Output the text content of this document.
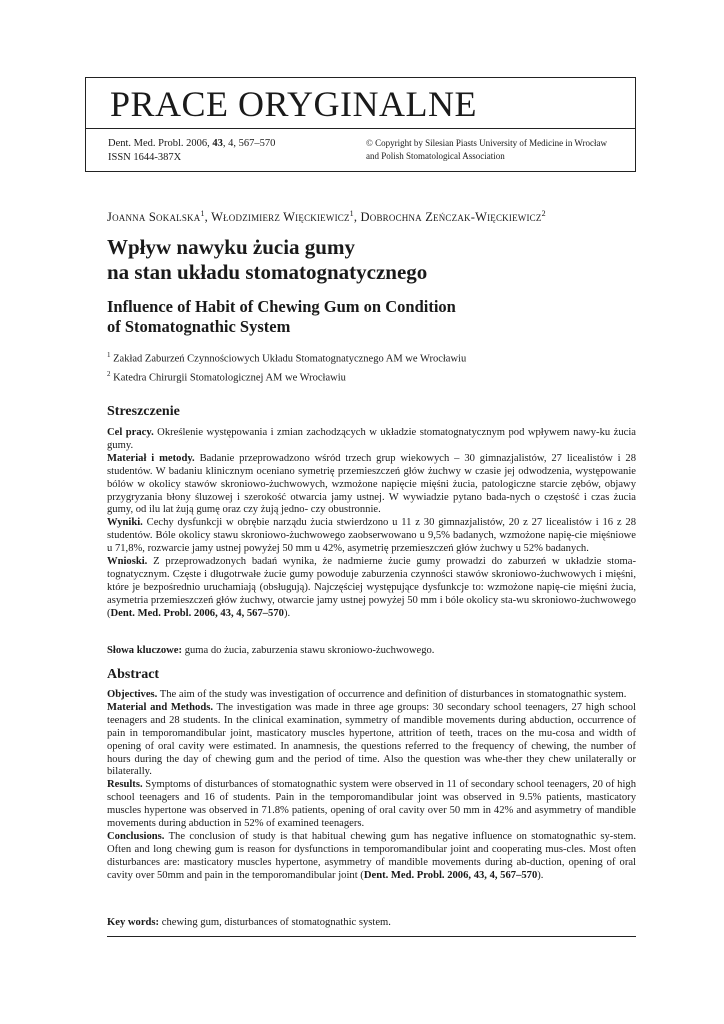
PRACE ORYGINALNE
Dent. Med. Probl. 2006, 43, 4, 567–570
ISSN 1644-387X
© Copyright by Silesian Piasts University of Medicine in Wrocław
and Polish Stomatological Association
Joanna Sokalska$^1$, Włodzimierz Więckiewicz$^1$, Dobrochna Zeńczak-Więckiewicz$^2$
Wpływ nawyku żucia gumy
na stan układu stomatognatycznego
Influence of Habit of Chewing Gum on Condition
of Stomatognathic System
$^1$ Zakład Zaburzeń Czynnościowych Układu Stomatognatycznego AM we Wrocławiu
$^2$ Katedra Chirurgii Stomatologicznej AM we Wrocławiu
Streszczenie

Cel pracy. Określenie występowania i zmian zachodzących w układzie stomatognatycznym pod wpływem nawy-ku żucia gumy.

Materiał i metody. Badanie przeprowadzono wśród trzech grup wiekowych – 30 gimnazjalistów, 27 licealistów i 28 studentów. W badaniu klinicznym oceniano symetrię przemieszczeń głów żuchwy w czasie jej odwodzenia, występowanie bólów w okolicy stawów skroniowo-żuchwowych, wzmożone napięcie mięśni żucia, patologiczne starcie zębów, objawy przygryzania błony śluzowej i szerokość otwarcia jamy ustnej. W wywiadzie pytano bada-nych o częstość i czas żucia gumy, od ilu lat żują gumę oraz czy żują jedno- czy obustronnie.

Wyniki. Cechy dysfunkcji w obrębie narządu żucia stwierdzono u 11 z 30 gimnazjalistów, 20 z 27 licealistów i 16 z 28 studentów. Bóle okolicy stawu skroniowo-żuchwowego zaobserwowano u 9,5% badanych, wzmożone napię-cie mięśniowe u 71,8%, rozwarcie jamy ustnej powyżej 50 mm u 42%, asymetrię przemieszczeń głów żuchwy u 52% badanych.

Wnioski. Z przeprowadzonych badań wynika, że nadmierne żucie gumy prowadzi do zaburzeń w układzie stoma-tognatycznym. Częste i długotrwałe żucie gumy powoduje zaburzenia czynności stawów skroniowo-żuchwowych i mięśni, które je bezpośrednio uruchamiają (obsługują). Najczęściej występujące dysfunkcje to: wzmożone napię-cie mięśni żucia, asymetria przemieszczeń głów żuchwy, otwarcie jamy ustnej powyżej 50 mm i bóle okolicy sta-wu skroniowo-żuchwowego (Dent. Med. Probl. 2006, 43, 4, 567–570).

Słowa kluczowe: guma do żucia, zaburzenia stawu skroniowo-żuchwowego.

Abstract

Objectives. The aim of the study was investigation of occurrence and definition of disturbances in stomatognathic system.

Material and Methods. The investigation was made in three age groups: 30 secondary school teenagers, 27 high school teenagers and 28 students. In the clinical examination, symmetry of mandible movements during abduction, occurrence of pain in temporomandibular joint, masticatory muscles hypertone, attrition of teeth, traces on the mu-cosa and width of opening of oral cavity were estimated. In anamnesis, the questions referred to the frequency of chewing, the number of hours during the day of chewing gum and the period of time. Also the question was whe-ther they chew unilaterally or bilaterally.

Results. Symptoms of disturbances of stomatognathic system were observed in 11 of secondary school teenagers, 20 of high school teenagers and 16 of students. Pain in the temporomandibular joint was observed in 9.5% patients, masticatory muscles hypertone was observed in 71.8% patients, opening of oral cavity over 50 mm in 42% and asymmetry of mandible movements during abduction in 52% of examined teenagers.

Conclusions. The conclusion of study is that habitual chewing gum has negative influence on stomatognathic sy-stem. Often and long chewing gum is reason for dysfunctions in temporomandibular joint and cooperating mus-cles. Most often disturbances are: masticatory muscles hypertone, asymmetry of mandible movements during ab-duction, opening of oral cavity over 50mm and pain in the temporomandibular joint (Dent. Med. Probl. 2006, 43, 4, 567–570).

Key words: chewing gum, disturbances of stomatognathic system.
